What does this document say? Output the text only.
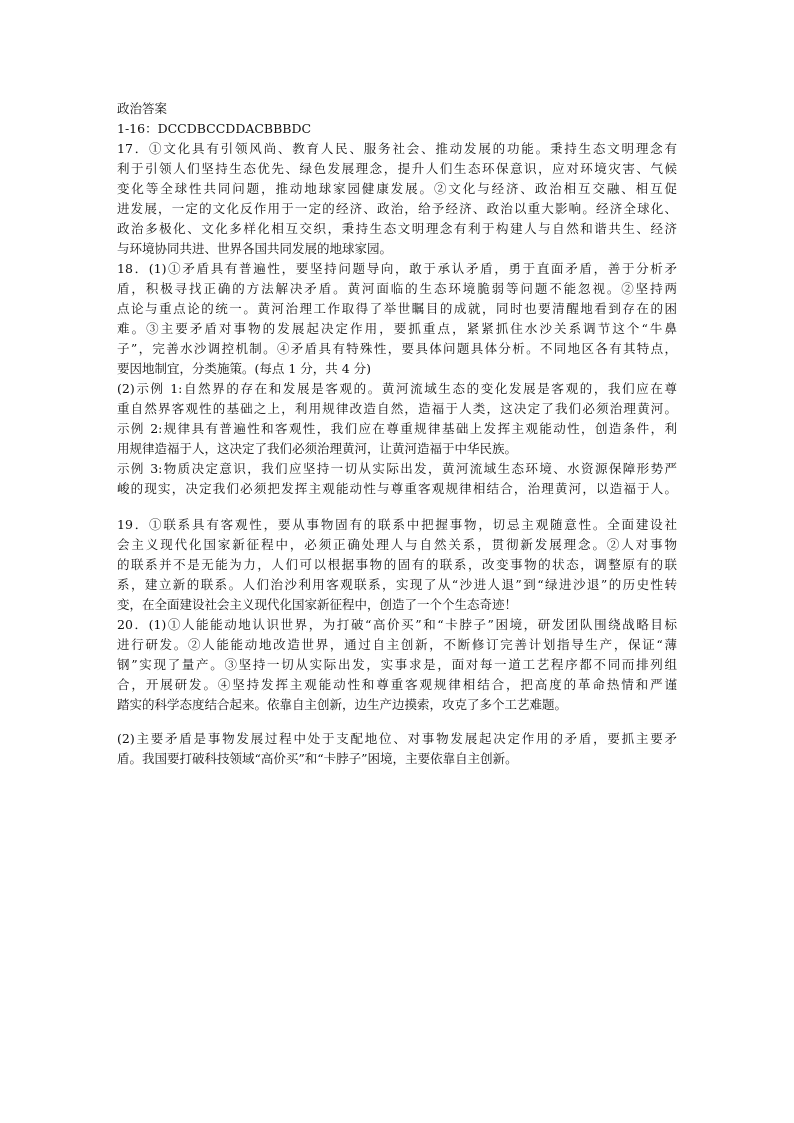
政治答案
1-16：DCCDBCCDDACBBBDC
17．①文化具有引领风尚、教育人民、服务社会、推动发展的功能。秉持生态文明理念有
利于引领人们坚持生态优先、绿色发展理念，提升人们生态环保意识，应对环境灾害、气候
变化等全球性共同问题，推动地球家园健康发展。②文化与经济、政治相互交融、相互促
进发展，一定的文化反作用于一定的经济、政治，给予经济、政治以重大影响。经济全球化、
政治多极化、文化多样化相互交织，秉持生态文明理念有利于构建人与自然和谐共生、经济
与环境协同共进、世界各国共同发展的地球家园。
18．(1)①矛盾具有普遍性，要坚持问题导向，敢于承认矛盾，勇于直面矛盾，善于分析矛
盾，积极寻找正确的方法解决矛盾。黄河面临的生态环境脆弱等问题不能忽视。②坚持两
点论与重点论的统一。黄河治理工作取得了举世瞩目的成就，同时也要清醒地看到存在的困
难。③主要矛盾对事物的发展起决定作用，要抓重点，紧紧抓住水沙关系调节这个“牛鼻
子”，完善水沙调控机制。④矛盾具有特殊性，要具体问题具体分析。不同地区各有其特点，
要因地制宜，分类施策。(每点 1 分，共 4 分)
(2)示例 1:自然界的存在和发展是客观的。黄河流域生态的变化发展是客观的，我们应在尊
重自然界客观性的基础之上，利用规律改造自然，造福于人类，这决定了我们必须治理黄河。
示例 2:规律具有普遍性和客观性，我们应在尊重规律基础上发挥主观能动性，创造条件，利
用规律造福于人，这决定了我们必须治理黄河，让黄河造福于中华民族。
示例 3:物质决定意识，我们应坚持一切从实际出发，黄河流域生态环境、水资源保障形势严
峻的现实，决定我们必须把发挥主观能动性与尊重客观规律相结合，治理黄河，以造福于人。
19．①联系具有客观性，要从事物固有的联系中把握事物，切忌主观随意性。全面建设社
会主义现代化国家新征程中，必须正确处理人与自然关系，贯彻新发展理念。②人对事物
的联系并不是无能为力，人们可以根据事物的固有的联系，改变事物的状态，调整原有的联
系，建立新的联系。人们治沙利用客观联系，实现了从“沙进人退”到“绿进沙退”的历史性转
变，在全面建设社会主义现代化国家新征程中，创造了一个个生态奇迹！
20．(1)①人能能动地认识世界，为打破“高价买”和“卡脖子”困境，研发团队围绕战略目标
进行研发。②人能能动地改造世界，通过自主创新，不断修订完善计划指导生产，保证“薄
钢”实现了量产。③坚持一切从实际出发，实事求是，面对每一道工艺程序都不同而排列组
合，开展研发。④坚持发挥主观能动性和尊重客观规律相结合，把高度的革命热情和严谨
踏实的科学态度结合起来。依靠自主创新，边生产边摸索，攻克了多个工艺难题。
(2)主要矛盾是事物发展过程中处于支配地位、对事物发展起决定作用的矛盾，要抓主要矛
盾。我国要打破科技领域“高价买”和“卡脖子”困境，主要依靠自主创新。
